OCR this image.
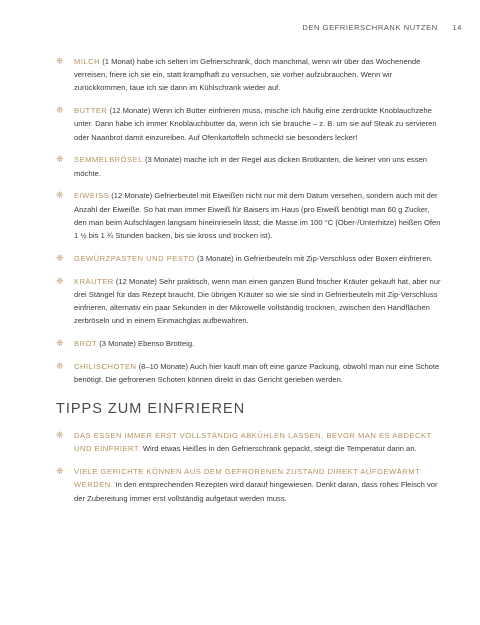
DEN GEFRIERSCHRANK NUTZEN 14
❈ MILCH (1 Monat) habe ich selten im Gefrierschrank, doch manchmal, wenn wir über das Wochenende verreisen, friere ich sie ein, statt krampfhaft zu versuchen, sie vorher aufzubrauchen. Wenn wir zurückkommen, taue ich sie dann im Kühlschrank wieder auf.
❈ BUTTER (12 Monate) Wenn ich Butter einfrieren muss, mische ich häufig eine zerdrückte Knoblauchzehe unter. Dann habe ich immer Knoblauchbutter da, wenn ich sie brauche – z. B. um sie auf Steak zu servieren oder Naanbrot damit einzureiben. Auf Ofenkartoffeln schmeckt sie besonders lecker!
❈ SEMMELBRÖSEL (3 Monate) mache ich in der Regel aus dicken Brotkanten, die keiner von uns essen möchte.
❈ EIWEISS (12 Monate) Gefrierbeutel mit Eiweißen nicht nur mit dem Datum versehen, sondern auch mit der Anzahl der Eiweiße. So hat man immer Eiweiß für Baisers im Haus (pro Eiweiß benötigt man 60 g Zucker, den man beim Aufschlagen langsam hineinrieseln lässt; die Masse im 100 °C (Ober-/Unterhitze) heißen Ofen 1 ½ bis 1 ¾ Stunden backen, bis sie kross und trocken ist).
❈ GEWÜRZPASTEN UND PESTO (3 Monate) in Gefrierbeuteln mit Zip-Verschluss oder Boxen einfrieren.
❈ KRÄUTER (12 Monate) Sehr praktisch, wenn man einen ganzen Bund frischer Kräuter gekauft hat, aber nur drei Stängel für das Rezept braucht. Die übrigen Kräuter so wie sie sind in Gefrierbeuteln mit Zip-Verschluss einfrieren, alternativ ein paar Sekunden in der Mikrowelle vollständig trocknen, zwischen den Handflächen zerbröseln und in einem Einmachglas aufbewahren.
❈ BROT (3 Monate) Ebenso Brotteig.
❈ CHILISCHOTEN (8–10 Monate) Auch hier kauft man oft eine ganze Packung, obwohl man nur eine Schote benötigt. Die gefrorenen Schoten können direkt in das Gericht gerieben werden.
TIPPS ZUM EINFRIEREN
❈ DAS ESSEN IMMER ERST VOLLSTÄNDIG ABKÜHLEN LASSEN, BEVOR MAN ES ABDECKT UND EINFRIERT. Wird etwas Heißes in den Gefrierschrank gepackt, steigt die Temperatur darin an.
❈ VIELE GERICHTE KÖNNEN AUS DEM GEFRORENEN ZUSTAND DIREKT AUFGEWÄRMT WERDEN. In den entsprechenden Rezepten wird darauf hingewiesen. Denkt daran, dass rohes Fleisch vor der Zubereitung immer erst vollständig aufgetaut werden muss.
